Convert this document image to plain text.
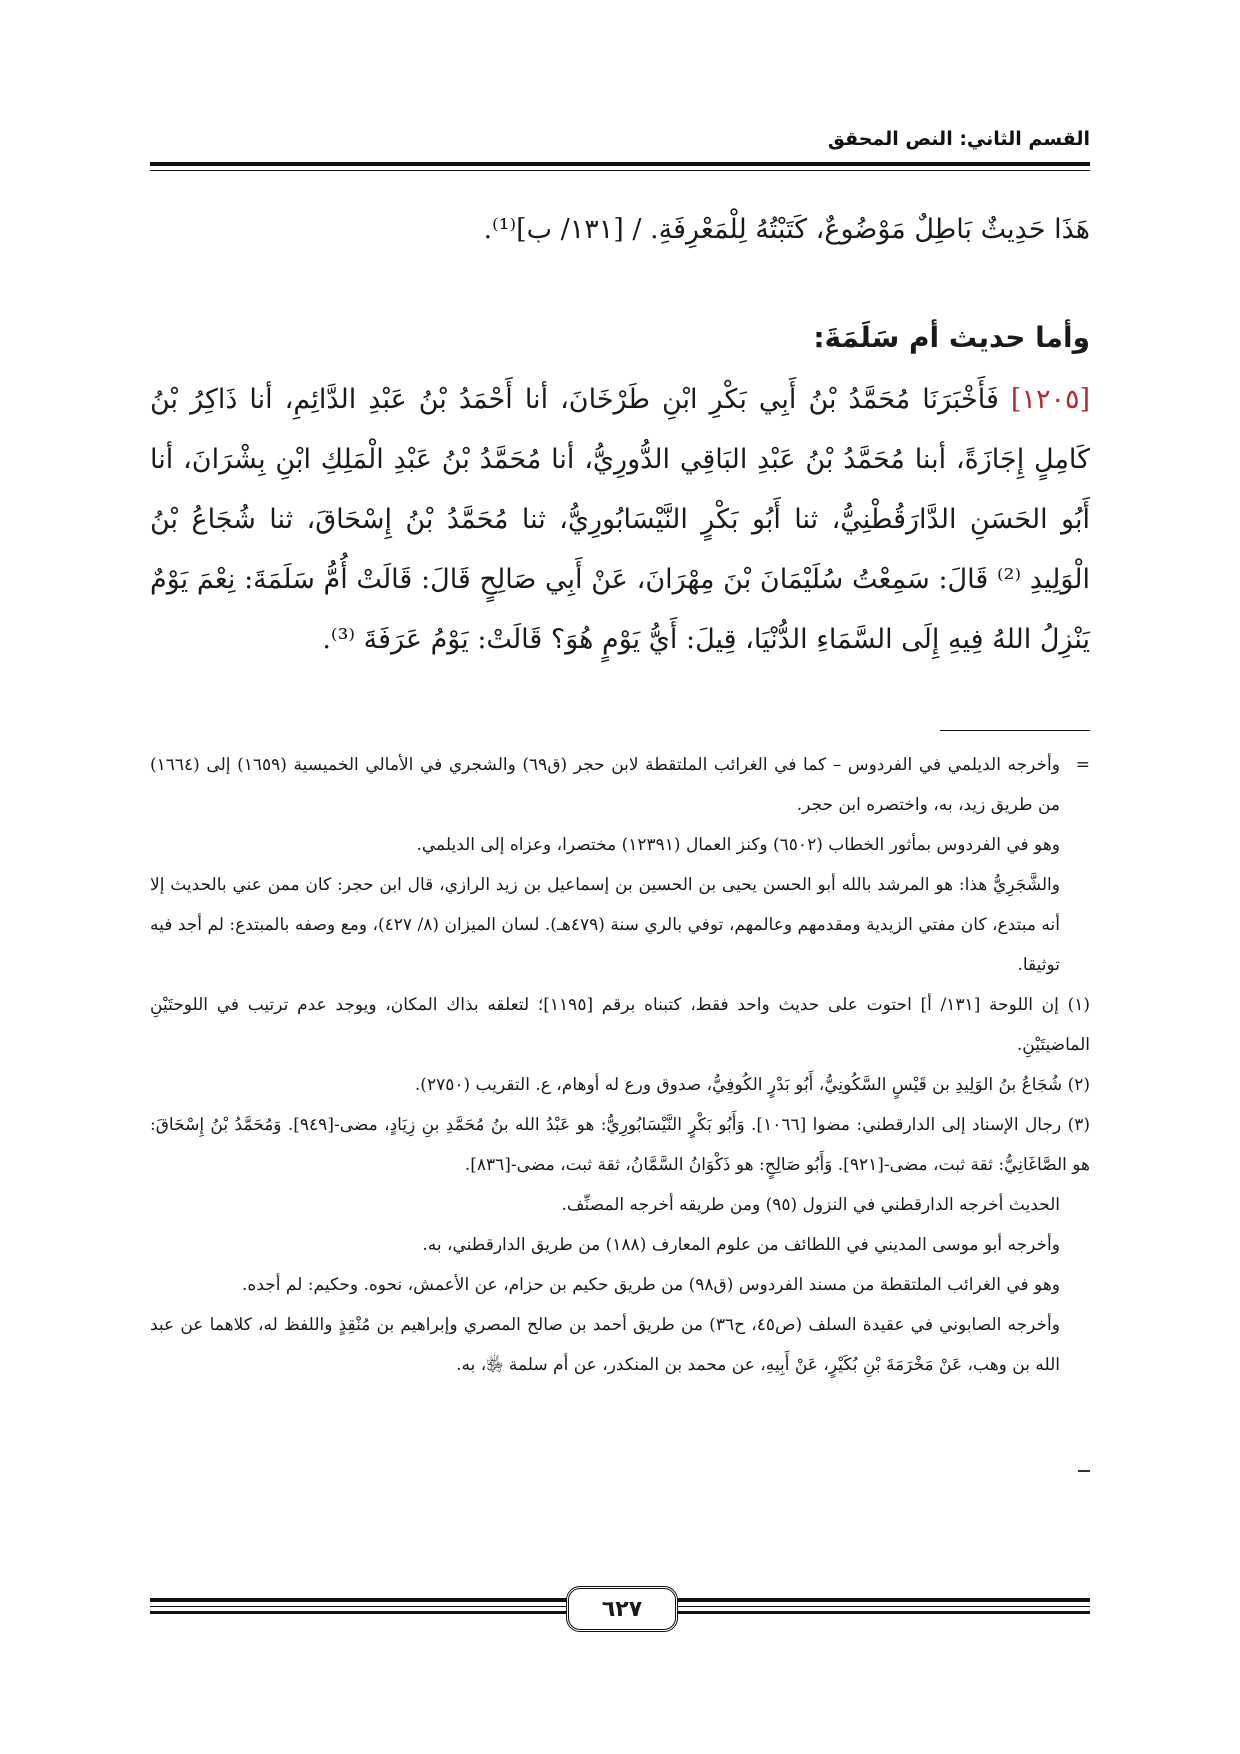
القسم الثاني: النص المحقق
هَذَا حَدِيثٌ بَاطِلٌ مَوْضُوعٌ، كَتَبْتُهُ لِلْمَعْرِفَةِ. / [١٣١/ ب]⁽¹⁾.
وأما حديث أم سَلَمَةَ:
[١٢٠٥] فَأَخْبَرَنَا مُحَمَّدُ بْنُ أَبِي بَكْرِ ابْنِ طَرْخَانَ، أنا أَحْمَدُ بْنُ عَبْدِ الدَّائِمِ، أنا ذَاكِرُ بْنُ كَامِلٍ إِجَازَةً، أبنا مُحَمَّدُ بْنُ عَبْدِ البَاقِي الدُّورِيُّ، أنا مُحَمَّدُ بْنُ عَبْدِ الْمَلِكِ ابْنِ بِشْرَانَ، أنا أَبُو الحَسَنِ الدَّارَقُطْنِيُّ، ثنا أَبُو بَكْرٍ النَّيْسَابُورِيُّ، ثنا مُحَمَّدُ بْنُ إِسْحَاقَ، ثنا شُجَاعُ بْنُ الْوَلِيدِ ⁽²⁾ قَالَ: سَمِعْتُ سُلَيْمَانَ بْنَ مِهْرَانَ، عَنْ أَبِي صَالِحٍ قَالَ: قَالَتْ أُمُّ سَلَمَةَ: نِعْمَ يَوْمٌ يَنْزِلُ اللهُ فِيهِ إِلَى السَّمَاءِ الدُّنْيَا، قِيلَ: أَيُّ يَوْمٍ هُوَ؟ قَالَتْ: يَوْمُ عَرَفَةَ ⁽³⁾.

=وأخرجه الديلمي في الفردوس – كما في الغرائب الملتقطة لابن حجر (ق٦٩) والشجري في الأمالي الخميسية (١٦٥٩) إلى (١٦٦٤) من طريق زيد، به، واختصره ابن حجر.

وهو في الفردوس بمأثور الخطاب (٦٥٠٢) وكنز العمال (١٢٣٩١) مختصرا، وعزاه إلى الديلمي.

والشَّجَرِيُّ هذا: هو المرشد بالله أبو الحسن يحيى بن الحسين بن إسماعيل بن زيد الرازي، قال ابن حجر: كان ممن عني بالحديث إلا أنه مبتدع، كان مفتي الزيدية ومقدمهم وعالمهم، توفي بالري سنة (٤٧٩هـ). لسان الميزان (٨/ ٤٢٧)، ومع وصفه بالمبتدع: لم أجد فيه توثيقا.

(١) إن اللوحة [١٣١/ أ] احتوت على حديث واحد فقط، كتبناه برقم [١١٩٥]؛ لتعلقه بذاك المكان، ويوجد عدم ترتيب في اللوحتَيْنِ الماضيتَيْنِ.

(٢) شُجَاعُ بنُ الوَلِيدِ بن قَيْسٍ السَّكُونِيُّ، أَبُو بَدْرٍ الكُوفِيُّ، صدوق ورع له أوهام، ع. التقريب (٢٧٥٠).

(٣) رجال الإسناد إلى الدارقطني: مضوا [١٠٦٦]. وَأَبُو بَكْرٍ النَّيْسَابُورِيُّ: هو عَبْدُ الله بنُ مُحَمَّدِ بنِ زِيَادٍ، مضى-[٩٤٩]. وَمُحَمَّدُ بْنُ إِسْحَاقَ: هو الصَّاغَانِيُّ: ثقة ثبت، مضى-[٩٢١]. وَأَبُو صَالِحٍ: هو ذَكْوَانُ السَّمَّانُ، ثقة ثبت، مضى-[٨٣٦].

الحديث أخرجه الدارقطني في النزول (٩٥) ومن طريقه أخرجه المصنِّف.

وأخرجه أبو موسى المديني في اللطائف من علوم المعارف (١٨٨) من طريق الدارقطني، به.

وهو في الغرائب الملتقطة من مسند الفردوس (ق٩٨) من طريق حكيم بن حزام، عن الأعمش، نحوه. وحكيم: لم أجده.

وأخرجه الصابوني في عقيدة السلف (ص٤٥، ح٣٦) من طريق أحمد بن صالح المصري وإبراهيم بن مُنْقِذٍ واللفظ له، كلاهما عن عبد الله بن وهب، عَنْ مَخْرَمَةَ بْنِ بُكَيْرٍ، عَنْ أَبِيهِ، عن محمد بن المنكدر، عن أم سلمة ﵂، به.

٦٢٧
